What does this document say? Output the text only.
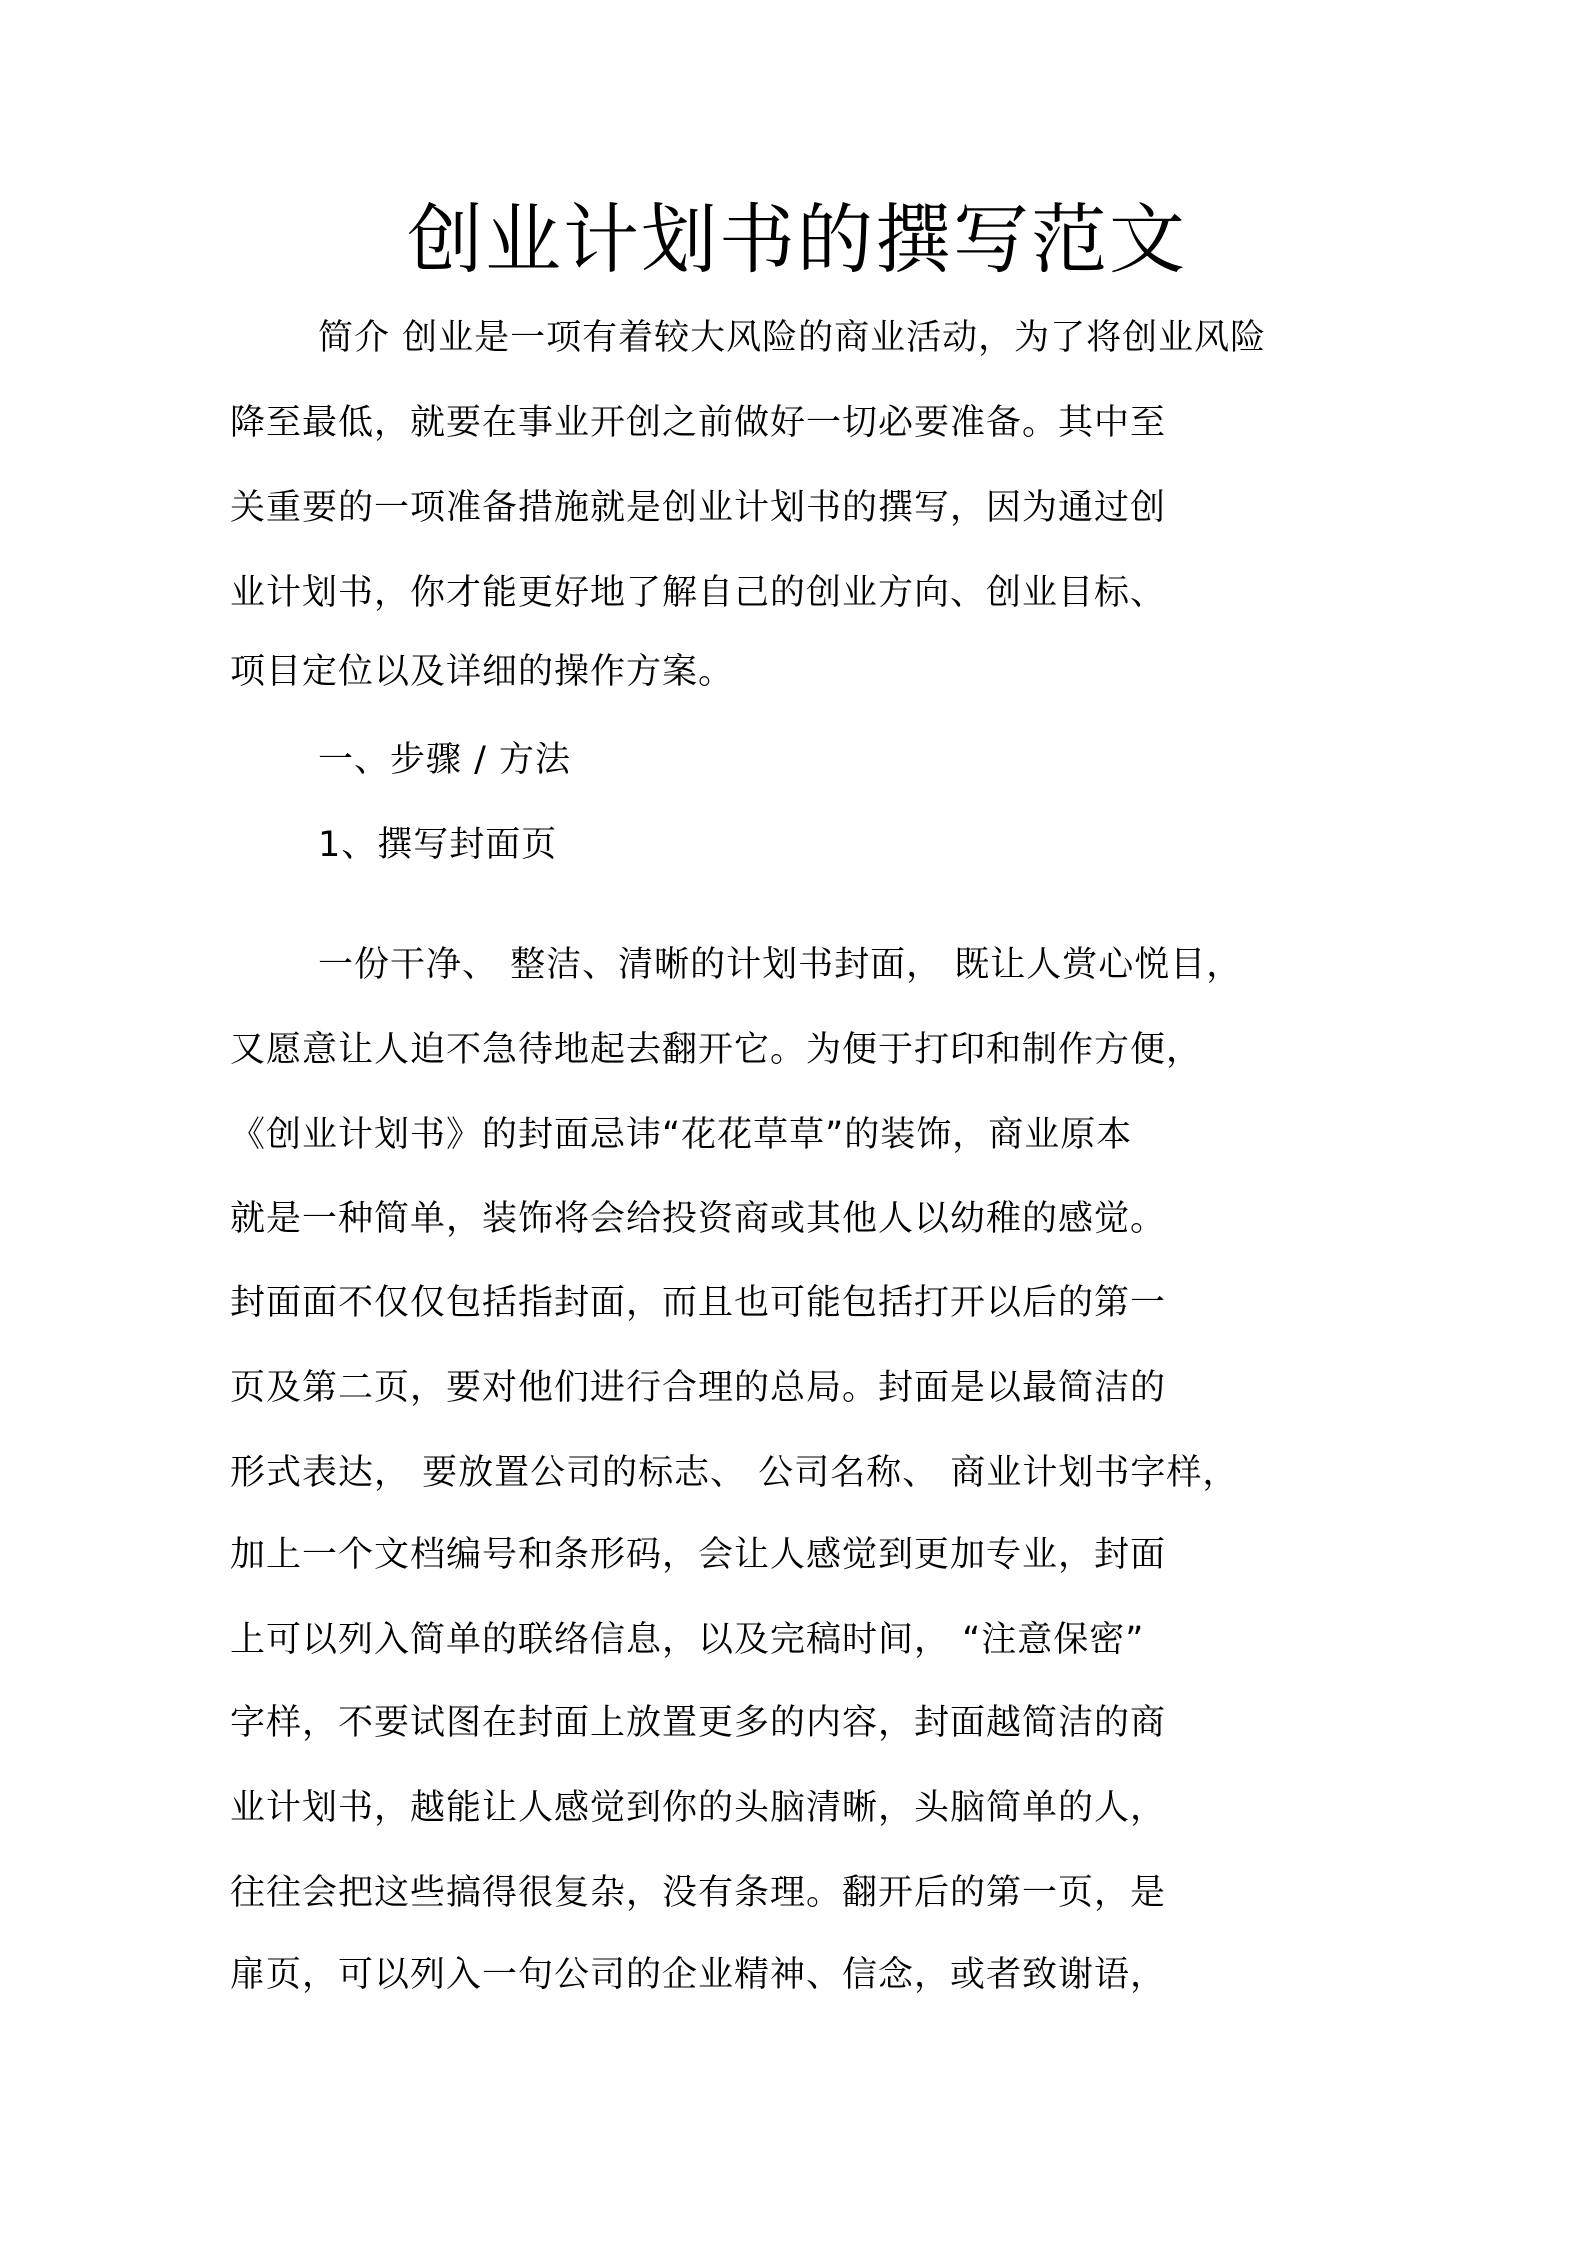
创业计划书的撰写范文
简介 创业是一项有着较大风险的商业活动，为了将创业风险
降至最低，就要在事业开创之前做好一切必要准备。其中至
关重要的一项准备措施就是创业计划书的撰写，因为通过创
业计划书，你才能更好地了解自己的创业方向、创业目标、
项目定位以及详细的操作方案。
一、步骤 / 方法
1、撰写封面页
一份干净、 整洁、清晰的计划书封面， 既让人赏心悦目，
又愿意让人迫不急待地起去翻开它。为便于打印和制作方便，
《创业计划书》的封面忌讳“花花草草”的装饰，商业原本
就是一种简单，装饰将会给投资商或其他人以幼稚的感觉。
封面面不仅仅包括指封面，而且也可能包括打开以后的第一
页及第二页，要对他们进行合理的总局。封面是以最简洁的
形式表达， 要放置公司的标志、 公司名称、 商业计划书字样，
加上一个文档编号和条形码，会让人感觉到更加专业，封面
上可以列入简单的联络信息，以及完稿时间， “注意保密”
字样，不要试图在封面上放置更多的内容，封面越简洁的商
业计划书，越能让人感觉到你的头脑清晰，头脑简单的人，
往往会把这些搞得很复杂，没有条理。翻开后的第一页，是
扉页，可以列入一句公司的企业精神、信念，或者致谢语，
